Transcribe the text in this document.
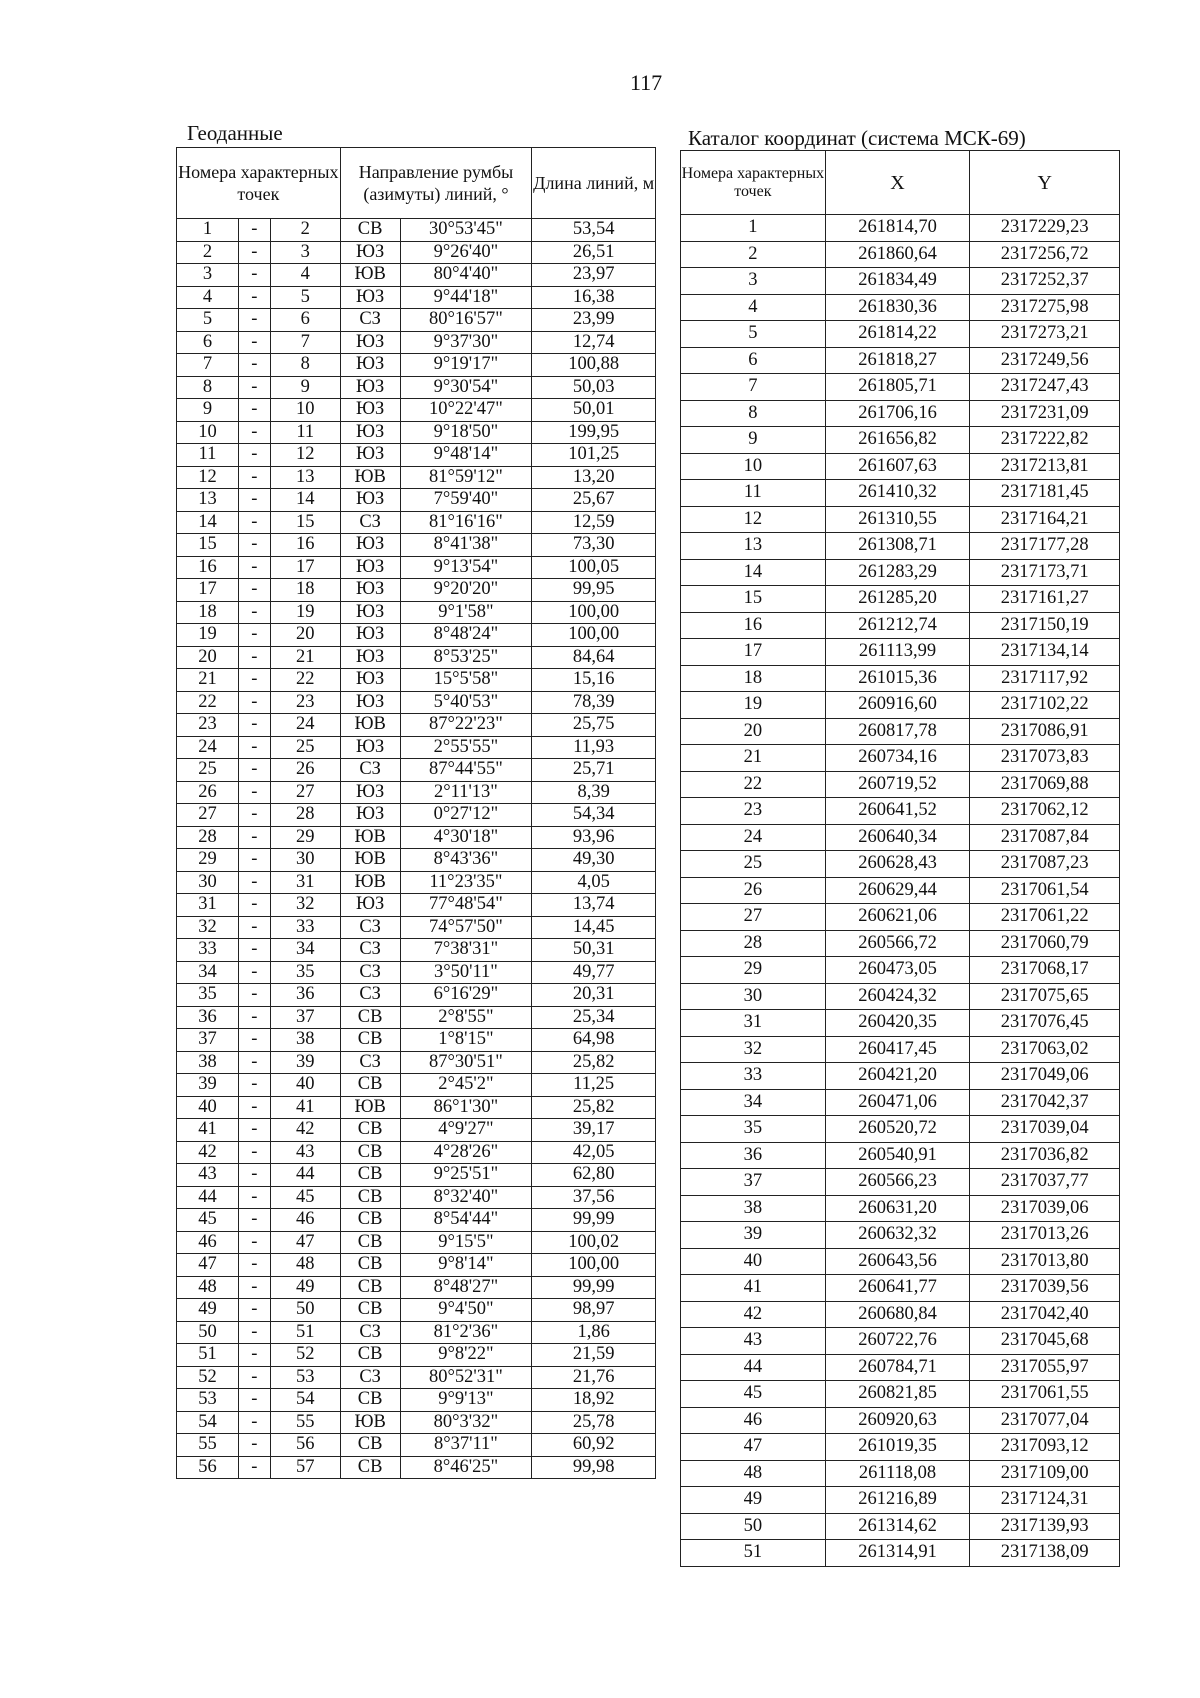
117
Геоданные
Номера характерных точек			Направление румбы (азимуты) линий, °		Длина линий, м
1	-	2	СВ	30°53'45"	53,54
2	-	3	ЮЗ	9°26'40"	26,51
3	-	4	ЮВ	80°4'40"	23,97
4	-	5	ЮЗ	9°44'18"	16,38
5	-	6	СЗ	80°16'57"	23,99
6	-	7	ЮЗ	9°37'30"	12,74
7	-	8	ЮЗ	9°19'17"	100,88
8	-	9	ЮЗ	9°30'54"	50,03
9	-	10	ЮЗ	10°22'47"	50,01
10	-	11	ЮЗ	9°18'50"	199,95
11	-	12	ЮЗ	9°48'14"	101,25
12	-	13	ЮВ	81°59'12"	13,20
13	-	14	ЮЗ	7°59'40"	25,67
14	-	15	СЗ	81°16'16"	12,59
15	-	16	ЮЗ	8°41'38"	73,30
16	-	17	ЮЗ	9°13'54"	100,05
17	-	18	ЮЗ	9°20'20"	99,95
18	-	19	ЮЗ	9°1'58"	100,00
19	-	20	ЮЗ	8°48'24"	100,00
20	-	21	ЮЗ	8°53'25"	84,64
21	-	22	ЮЗ	15°5'58"	15,16
22	-	23	ЮЗ	5°40'53"	78,39
23	-	24	ЮВ	87°22'23"	25,75
24	-	25	ЮЗ	2°55'55"	11,93
25	-	26	СЗ	87°44'55"	25,71
26	-	27	ЮЗ	2°11'13"	8,39
27	-	28	ЮЗ	0°27'12"	54,34
28	-	29	ЮВ	4°30'18"	93,96
29	-	30	ЮВ	8°43'36"	49,30
30	-	31	ЮВ	11°23'35"	4,05
31	-	32	ЮЗ	77°48'54"	13,74
32	-	33	СЗ	74°57'50"	14,45
33	-	34	СЗ	7°38'31"	50,31
34	-	35	СЗ	3°50'11"	49,77
35	-	36	СЗ	6°16'29"	20,31
36	-	37	СВ	2°8'55"	25,34
37	-	38	СВ	1°8'15"	64,98
38	-	39	СЗ	87°30'51"	25,82
39	-	40	СВ	2°45'2"	11,25
40	-	41	ЮВ	86°1'30"	25,82
41	-	42	СВ	4°9'27"	39,17
42	-	43	СВ	4°28'26"	42,05
43	-	44	СВ	9°25'51"	62,80
44	-	45	СВ	8°32'40"	37,56
45	-	46	СВ	8°54'44"	99,99
46	-	47	СВ	9°15'5"	100,02
47	-	48	СВ	9°8'14"	100,00
48	-	49	СВ	8°48'27"	99,99
49	-	50	СВ	9°4'50"	98,97
50	-	51	СЗ	81°2'36"	1,86
51	-	52	СВ	9°8'22"	21,59
52	-	53	СЗ	80°52'31"	21,76
53	-	54	СВ	9°9'13"	18,92
54	-	55	ЮВ	80°3'32"	25,78
55	-	56	СВ	8°37'11"	60,92
56	-	57	СВ	8°46'25"	99,98
Каталог координат (система МСК-69)
Номера характерных точек	X	Y
1	261814,70	2317229,23
2	261860,64	2317256,72
3	261834,49	2317252,37
4	261830,36	2317275,98
5	261814,22	2317273,21
6	261818,27	2317249,56
7	261805,71	2317247,43
8	261706,16	2317231,09
9	261656,82	2317222,82
10	261607,63	2317213,81
11	261410,32	2317181,45
12	261310,55	2317164,21
13	261308,71	2317177,28
14	261283,29	2317173,71
15	261285,20	2317161,27
16	261212,74	2317150,19
17	261113,99	2317134,14
18	261015,36	2317117,92
19	260916,60	2317102,22
20	260817,78	2317086,91
21	260734,16	2317073,83
22	260719,52	2317069,88
23	260641,52	2317062,12
24	260640,34	2317087,84
25	260628,43	2317087,23
26	260629,44	2317061,54
27	260621,06	2317061,22
28	260566,72	2317060,79
29	260473,05	2317068,17
30	260424,32	2317075,65
31	260420,35	2317076,45
32	260417,45	2317063,02
33	260421,20	2317049,06
34	260471,06	2317042,37
35	260520,72	2317039,04
36	260540,91	2317036,82
37	260566,23	2317037,77
38	260631,20	2317039,06
39	260632,32	2317013,26
40	260643,56	2317013,80
41	260641,77	2317039,56
42	260680,84	2317042,40
43	260722,76	2317045,68
44	260784,71	2317055,97
45	260821,85	2317061,55
46	260920,63	2317077,04
47	261019,35	2317093,12
48	261118,08	2317109,00
49	261216,89	2317124,31
50	261314,62	2317139,93
51	261314,91	2317138,09
